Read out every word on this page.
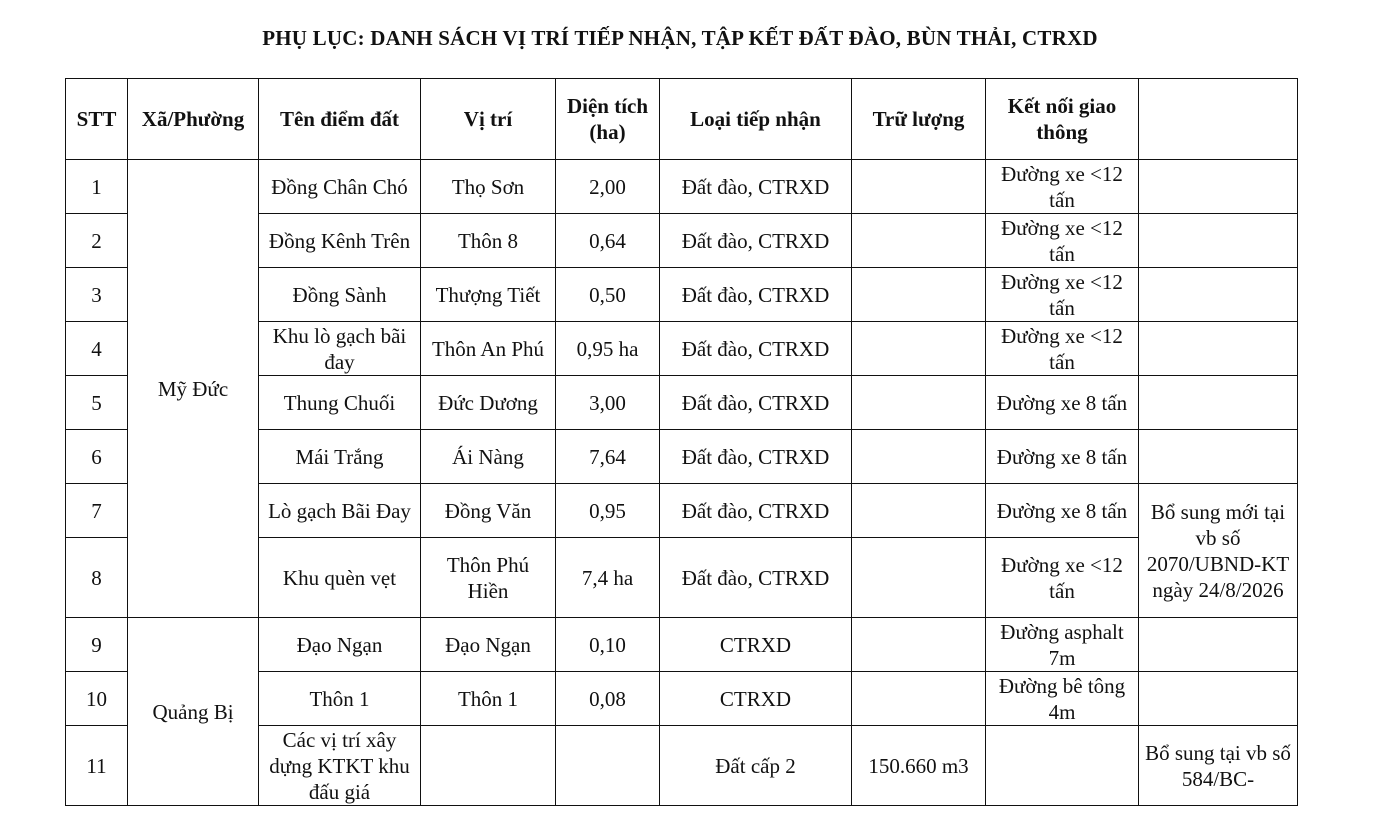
PHỤ LỤC: DANH SÁCH VỊ TRÍ TIẾP NHẬN, TẬP KẾT ĐẤT ĐÀO, BÙN THẢI, CTRXD
STT	Xã/Phường	Tên điểm đất	Vị trí	Diện tích (ha)	Loại tiếp nhận	Trữ lượng	Kết nối giao thông	
1	Mỹ Đức	Đồng Chân Chó	Thọ Sơn	2,00	Đất đào, CTRXD		Đường xe <12 tấn	
2		Đồng Kênh Trên	Thôn 8	0,64	Đất đào, CTRXD		Đường xe <12 tấn	
3		Đồng Sành	Thượng Tiết	0,50	Đất đào, CTRXD		Đường xe <12 tấn	
4		Khu lò gạch bãi đay	Thôn An Phú	0,95 ha	Đất đào, CTRXD		Đường xe <12 tấn	
5		Thung Chuối	Đức Dương	3,00	Đất đào, CTRXD		Đường xe 8 tấn	
6		Mái Trắng	Ái Nàng	7,64	Đất đào, CTRXD		Đường xe 8 tấn	
7		Lò gạch Bãi Đay	Đồng Văn	0,95	Đất đào, CTRXD		Đường xe 8 tấn	Bổ sung mới tại vb số 2070/UBND-KT ngày 24/8/2026
8		Khu quèn vẹt	Thôn Phú Hiền	7,4 ha	Đất đào, CTRXD		Đường xe <12 tấn	
9	Quảng Bị	Đạo Ngạn	Đạo Ngạn	0,10	CTRXD		Đường asphalt 7m	
10		Thôn 1	Thôn 1	0,08	CTRXD		Đường bê tông 4m	
11		Các vị trí xây dựng KTKT khu đấu giá			Đất cấp 2	150.660 m3		Bổ sung tại vb số 584/BC-
